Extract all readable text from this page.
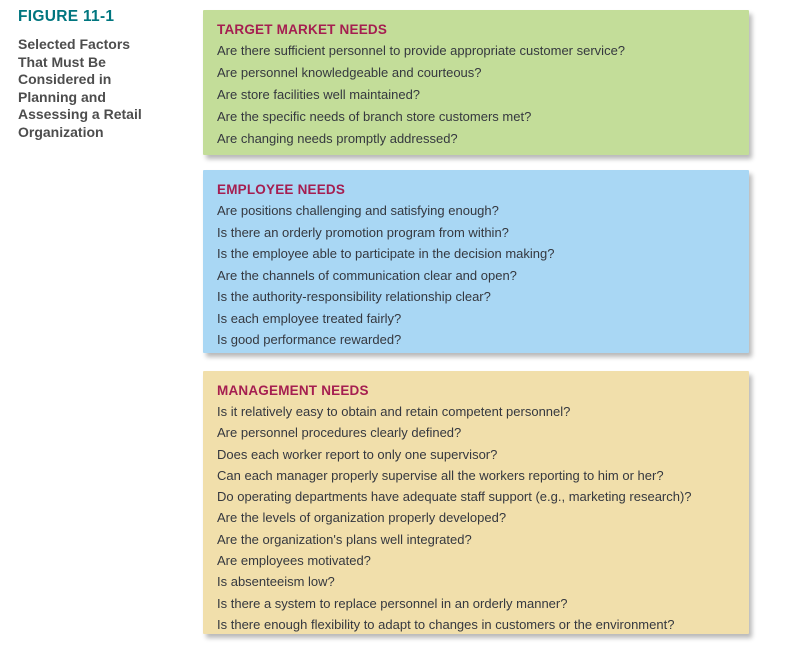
FIGURE 11-1
Selected Factors
That Must Be
Considered in
Planning and
Assessing a Retail
Organization
TARGET MARKET NEEDS
Are there sufficient personnel to provide appropriate customer service?
Are personnel knowledgeable and courteous?
Are store facilities well maintained?
Are the specific needs of branch store customers met?
Are changing needs promptly addressed?
EMPLOYEE NEEDS
Are positions challenging and satisfying enough?
Is there an orderly promotion program from within?
Is the employee able to participate in the decision making?
Are the channels of communication clear and open?
Is the authority-responsibility relationship clear?
Is each employee treated fairly?
Is good performance rewarded?
MANAGEMENT NEEDS
Is it relatively easy to obtain and retain competent personnel?
Are personnel procedures clearly defined?
Does each worker report to only one supervisor?
Can each manager properly supervise all the workers reporting to him or her?
Do operating departments have adequate staff support (e.g., marketing research)?
Are the levels of organization properly developed?
Are the organization's plans well integrated?
Are employees motivated?
Is absenteeism low?
Is there a system to replace personnel in an orderly manner?
Is there enough flexibility to adapt to changes in customers or the environment?
